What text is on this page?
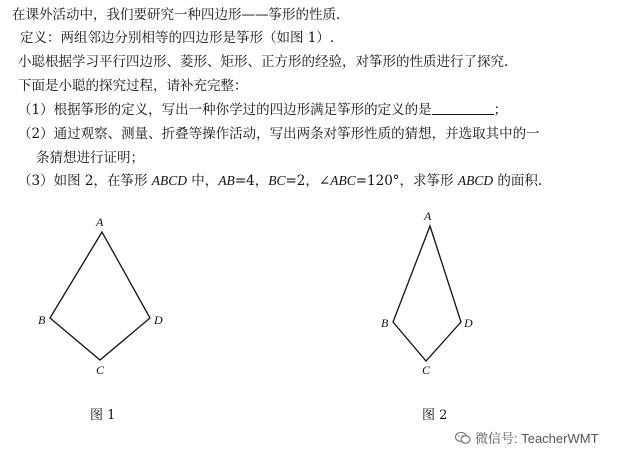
在课外活动中，我们要研究一种四边形——筝形的性质.
定义：两组邻边分别相等的四边形是筝形（如图 1）.
小聪根据学习平行四边形、菱形、矩形、正方形的经验，对筝形的性质进行了探究.
下面是小聪的探究过程，请补充完整：
（1）根据筝形的定义，写出一种你学过的四边形满足筝形的定义的是	；
（2）通过观察、测量、折叠等操作活动，写出两条对筝形性质的猜想，并选取其中的一
条猜想进行证明；
（3）如图 2，在筝形 ABCD 中，AB=4，BC=2，∠ABC=120°，求筝形 ABCD 的面积.
A
B
C
D
A
B
C
D
图 1	图 2
微信号: TeacherWMT
